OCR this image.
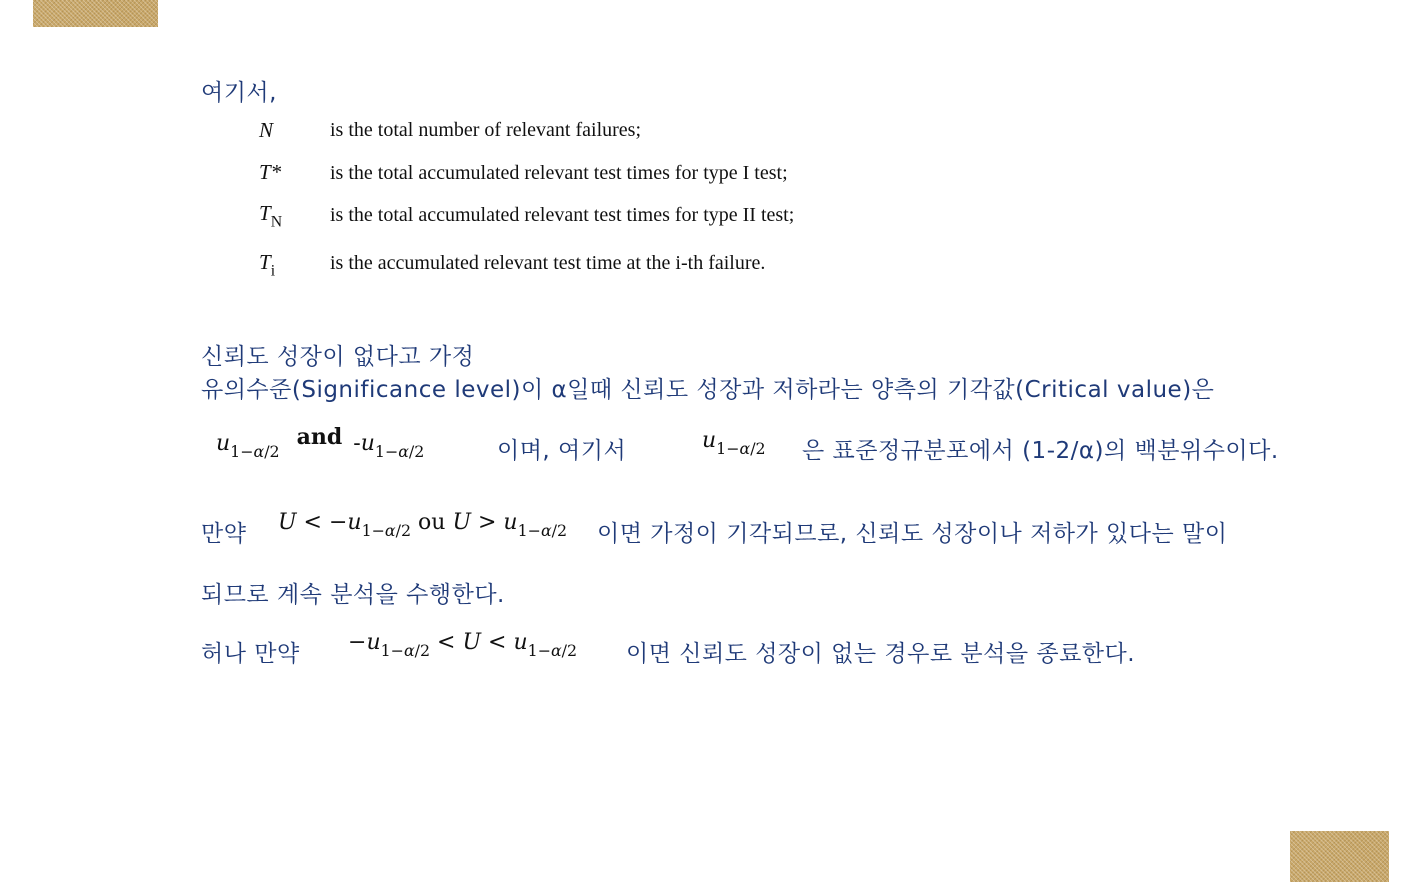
여기서,
N	is the total number of relevant failures;
T* is the total accumulated relevant test times for type I test;
$T_N$ is the total accumulated relevant test times for type II test;
$T_i$	is the accumulated relevant test time at the i-th failure.
신뢰도 성장이 없다고 가정
유의수준(Significance level)이 α일때 신뢰도 성장과 저하라는 양측의 기각값(Critical value)은
$u_{1-\alpha/2}$ and $-u_{1-\alpha/2}$	이며, 여기서	$u_{1-\alpha/2}$ 은 표준정규분포에서 (1-2/α)의 백분위수이다.
만약 $U < -u_{1-\alpha/2}$ ou $U > u_{1-\alpha/2}$ 이면 가정이 기각되므로, 신뢰도 성장이나 저하가 있다는 말이
되므로 계속 분석을 수행한다.
허나 만약 $-u_{1-\alpha/2} < U < u_{1-\alpha/2}$ 이면 신뢰도 성장이 없는 경우로 분석을 종료한다.
